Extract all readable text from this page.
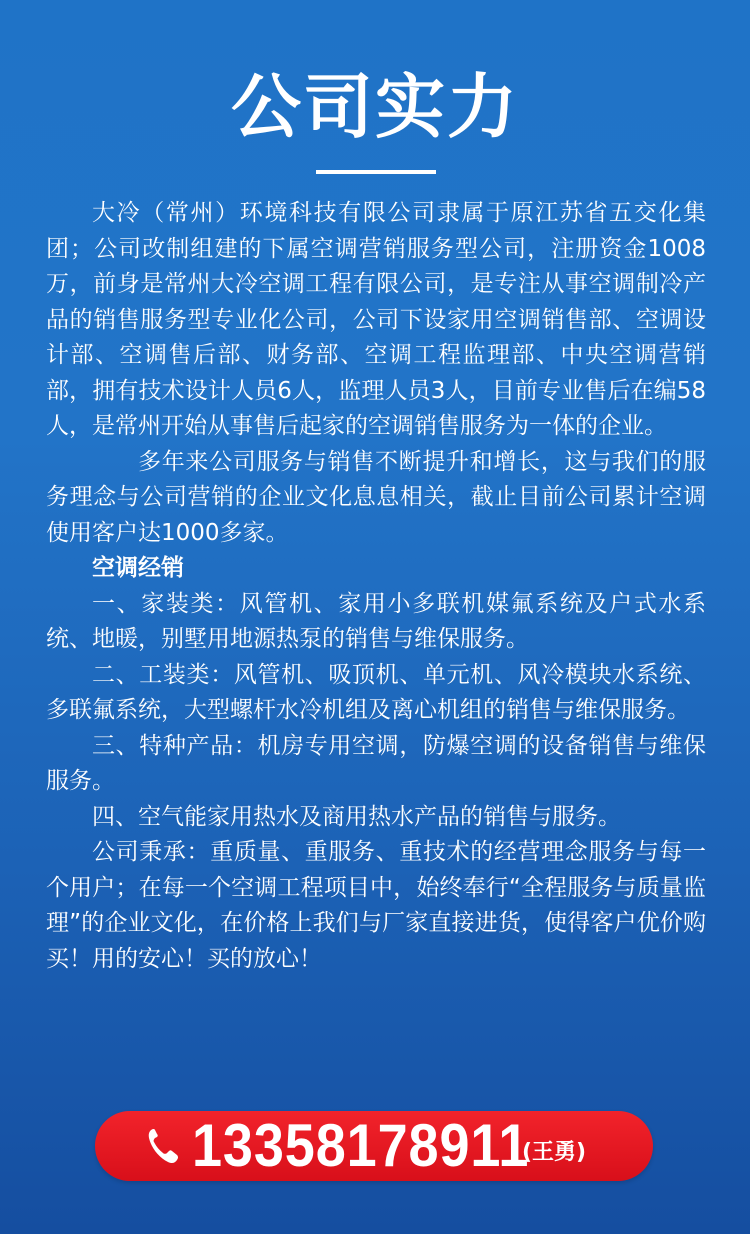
公司实力

大冷（常州）环境科技有限公司隶属于原江苏省五交化集团；公司改制组建的下属空调营销服务型公司，注册资金1008万，前身是常州大冷空调工程有限公司，是专注从事空调制冷产品的销售服务型专业化公司，公司下设家用空调销售部、空调设计部、空调售后部、财务部、空调工程监理部、中央空调营销部，拥有技术设计人员6人，监理人员3人，目前专业售后在编58人，是常州开始从事售后起家的空调销售服务为一体的企业。

多年来公司服务与销售不断提升和增长，这与我们的服务理念与公司营销的企业文化息息相关，截止目前公司累计空调使用客户达1000多家。

空调经销

一、家装类：风管机、家用小多联机媒氟系统及户式水系统、地暖，别墅用地源热泵的销售与维保服务。

二、工装类：风管机、吸顶机、单元机、风冷模块水系统、多联氟系统，大型螺杆水冷机组及离心机组的销售与维保服务。

三、特种产品：机房专用空调，防爆空调的设备销售与维保服务。

四、空气能家用热水及商用热水产品的销售与服务。

公司秉承：重质量、重服务、重技术的经营理念服务与每一个用户；在每一个空调工程项目中，始终奉行“全程服务与质量监理”的企业文化，在价格上我们与厂家直接进货，使得客户优价购买！用的安心！买的放心！

13358178911
(王勇)
